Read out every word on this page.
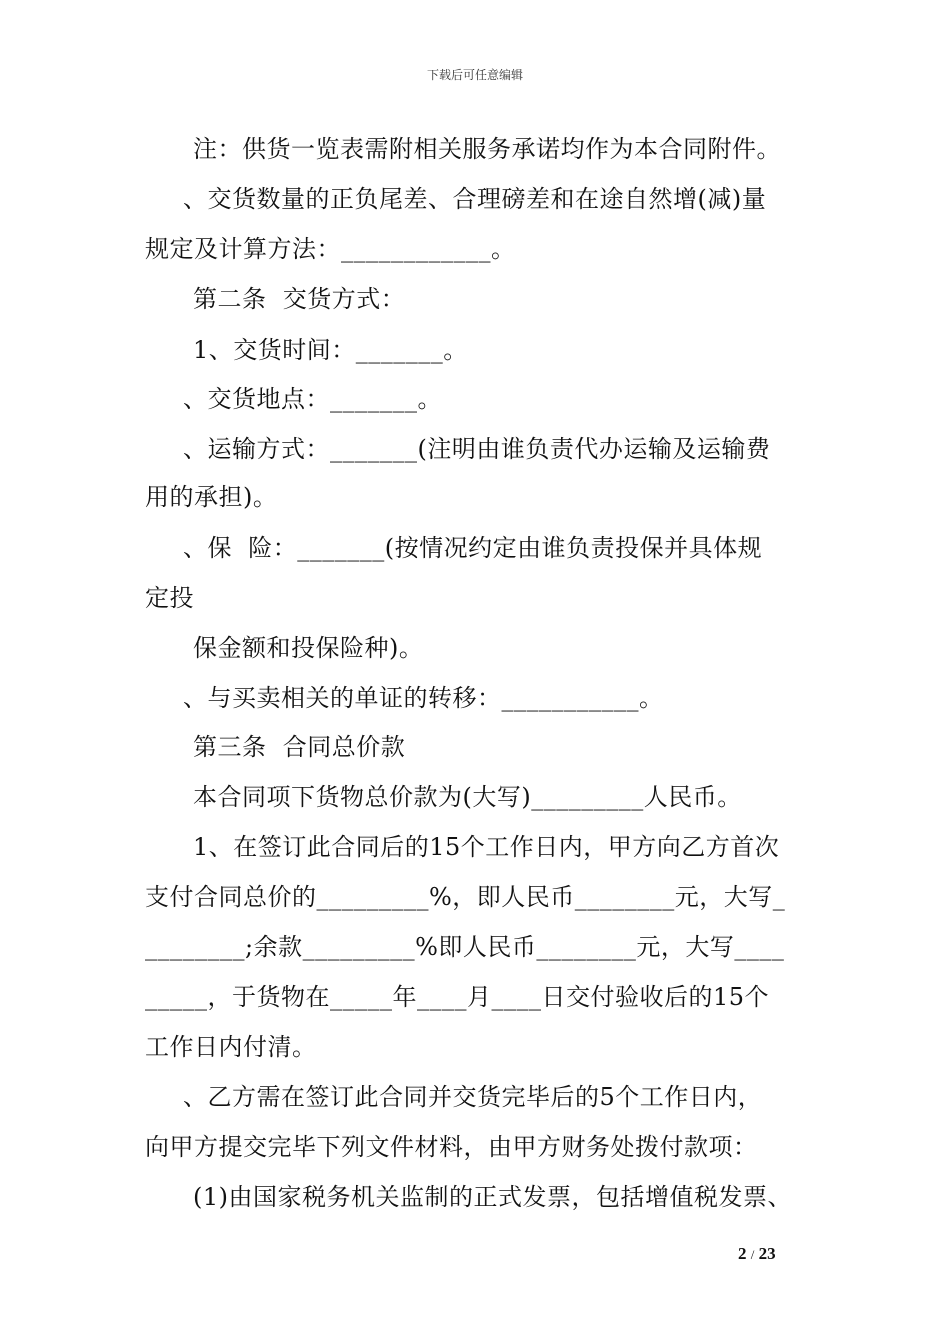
下载后可任意编辑
注：供货一览表需附相关服务承诺均作为本合同附件。
、交货数量的正负尾差、合理磅差和在途自然增(减)量
规定及计算方法：____________。
第二条  交货方式：
1、交货时间：_______。
、交货地点：_______。
、运输方式：_______(注明由谁负责代办运输及运输费
用的承担)。
、保  险：_______(按情况约定由谁负责投保并具体规
定投
保金额和投保险种)。
、与买卖相关的单证的转移：___________。
第三条  合同总价款
本合同项下货物总价款为(大写)_________人民币。
1、在签订此合同后的15个工作日内，甲方向乙方首次
支付合同总价的_________%，即人民币________元，大写_
________;余款_________%即人民币________元，大写____
_____，于货物在_____年____月____日交付验收后的15个
工作日内付清。
、乙方需在签订此合同并交货完毕后的5个工作日内，
向甲方提交完毕下列文件材料，由甲方财务处拨付款项：
(1)由国家税务机关监制的正式发票，包括增值税发票、
2 / 23
